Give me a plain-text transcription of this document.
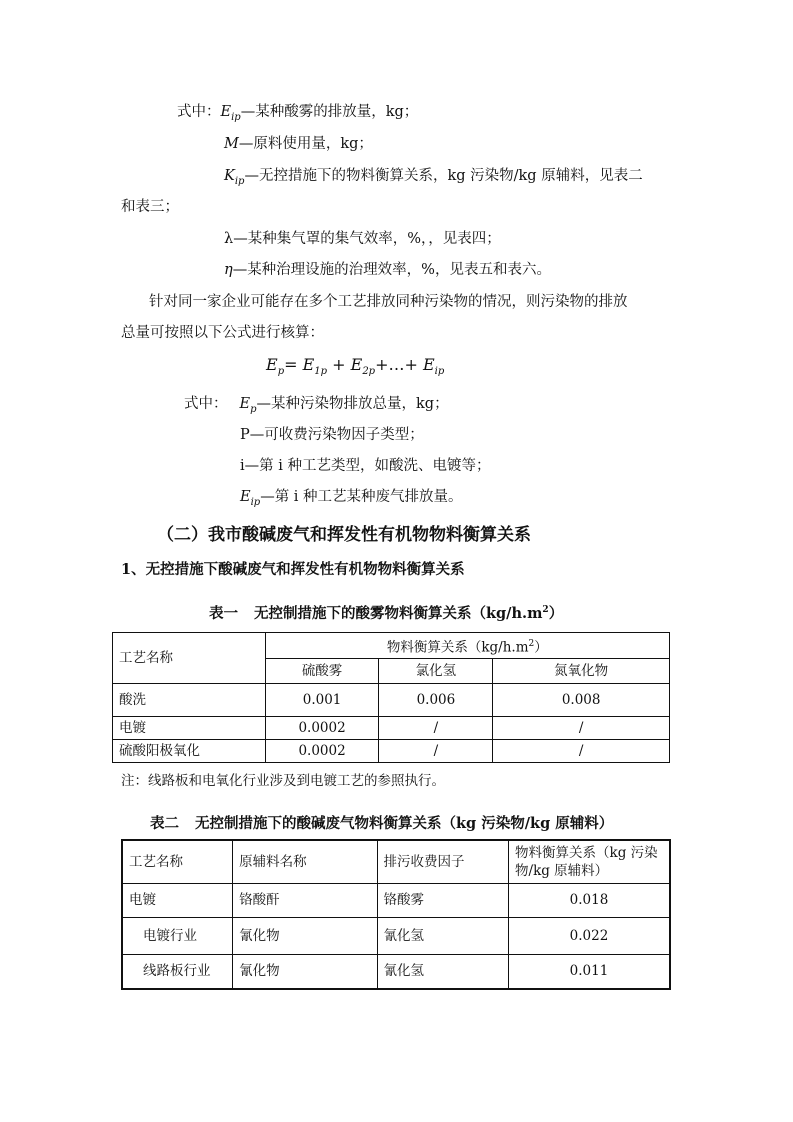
式中：$E_{ip}—$某种酸雾的排放量，kg；
M—原料使用量，kg；
$K_{ip}—$无控措施下的物料衡算关系，kg 污染物/kg 原辅料，见表二
和表三；
λ—某种集气罩的集气效率，%，，见表四；
η—某种治理设施的治理效率，%，见表五和表六。
针对同一家企业可能存在多个工艺排放同种污染物的情况，则污染物的排放
总量可按照以下公式进行核算：
$E_p= E_{1p}$ + $E_{2p}+\dots+ E_{ip}$
式中： $E_p—$某种污染物排放总量，kg；
P—可收费污染物因子类型；
i—第 i 种工艺类型，如酸洗、电镀等；
$E_{ip}—$第 i 种工艺某种废气排放量。
（二）我市酸碱废气和挥发性有机物物料衡算关系
1、无控措施下酸碱废气和挥发性有机物物料衡算关系
表一 无控制措施下的酸雾物料衡算关系$(kg/h.m^2)$
工艺名称	物料衡算关系$(kg/h.m^2)$		
	硫酸雾	氯化氢	氮氧化物
酸洗	0.001	0.006	0.008
电镀	0.0002	/	/
硫酸阳极氧化	0.0002	/	/
注：线路板和电氧化行业涉及到电镀工艺的参照执行。
表二 无控制措施下的酸碱废气物料衡算关系（kg 污染物/kg 原辅料）
工艺名称	原辅料名称	排污收费因子	物料衡算关系（kg 污染
物/kg 原辅料）
电镀	铬酸酐	铬酸雾	0.018
电镀行业	氰化物	氰化氢	0.022
线路板行业	氰化物	氰化氢	0.011
